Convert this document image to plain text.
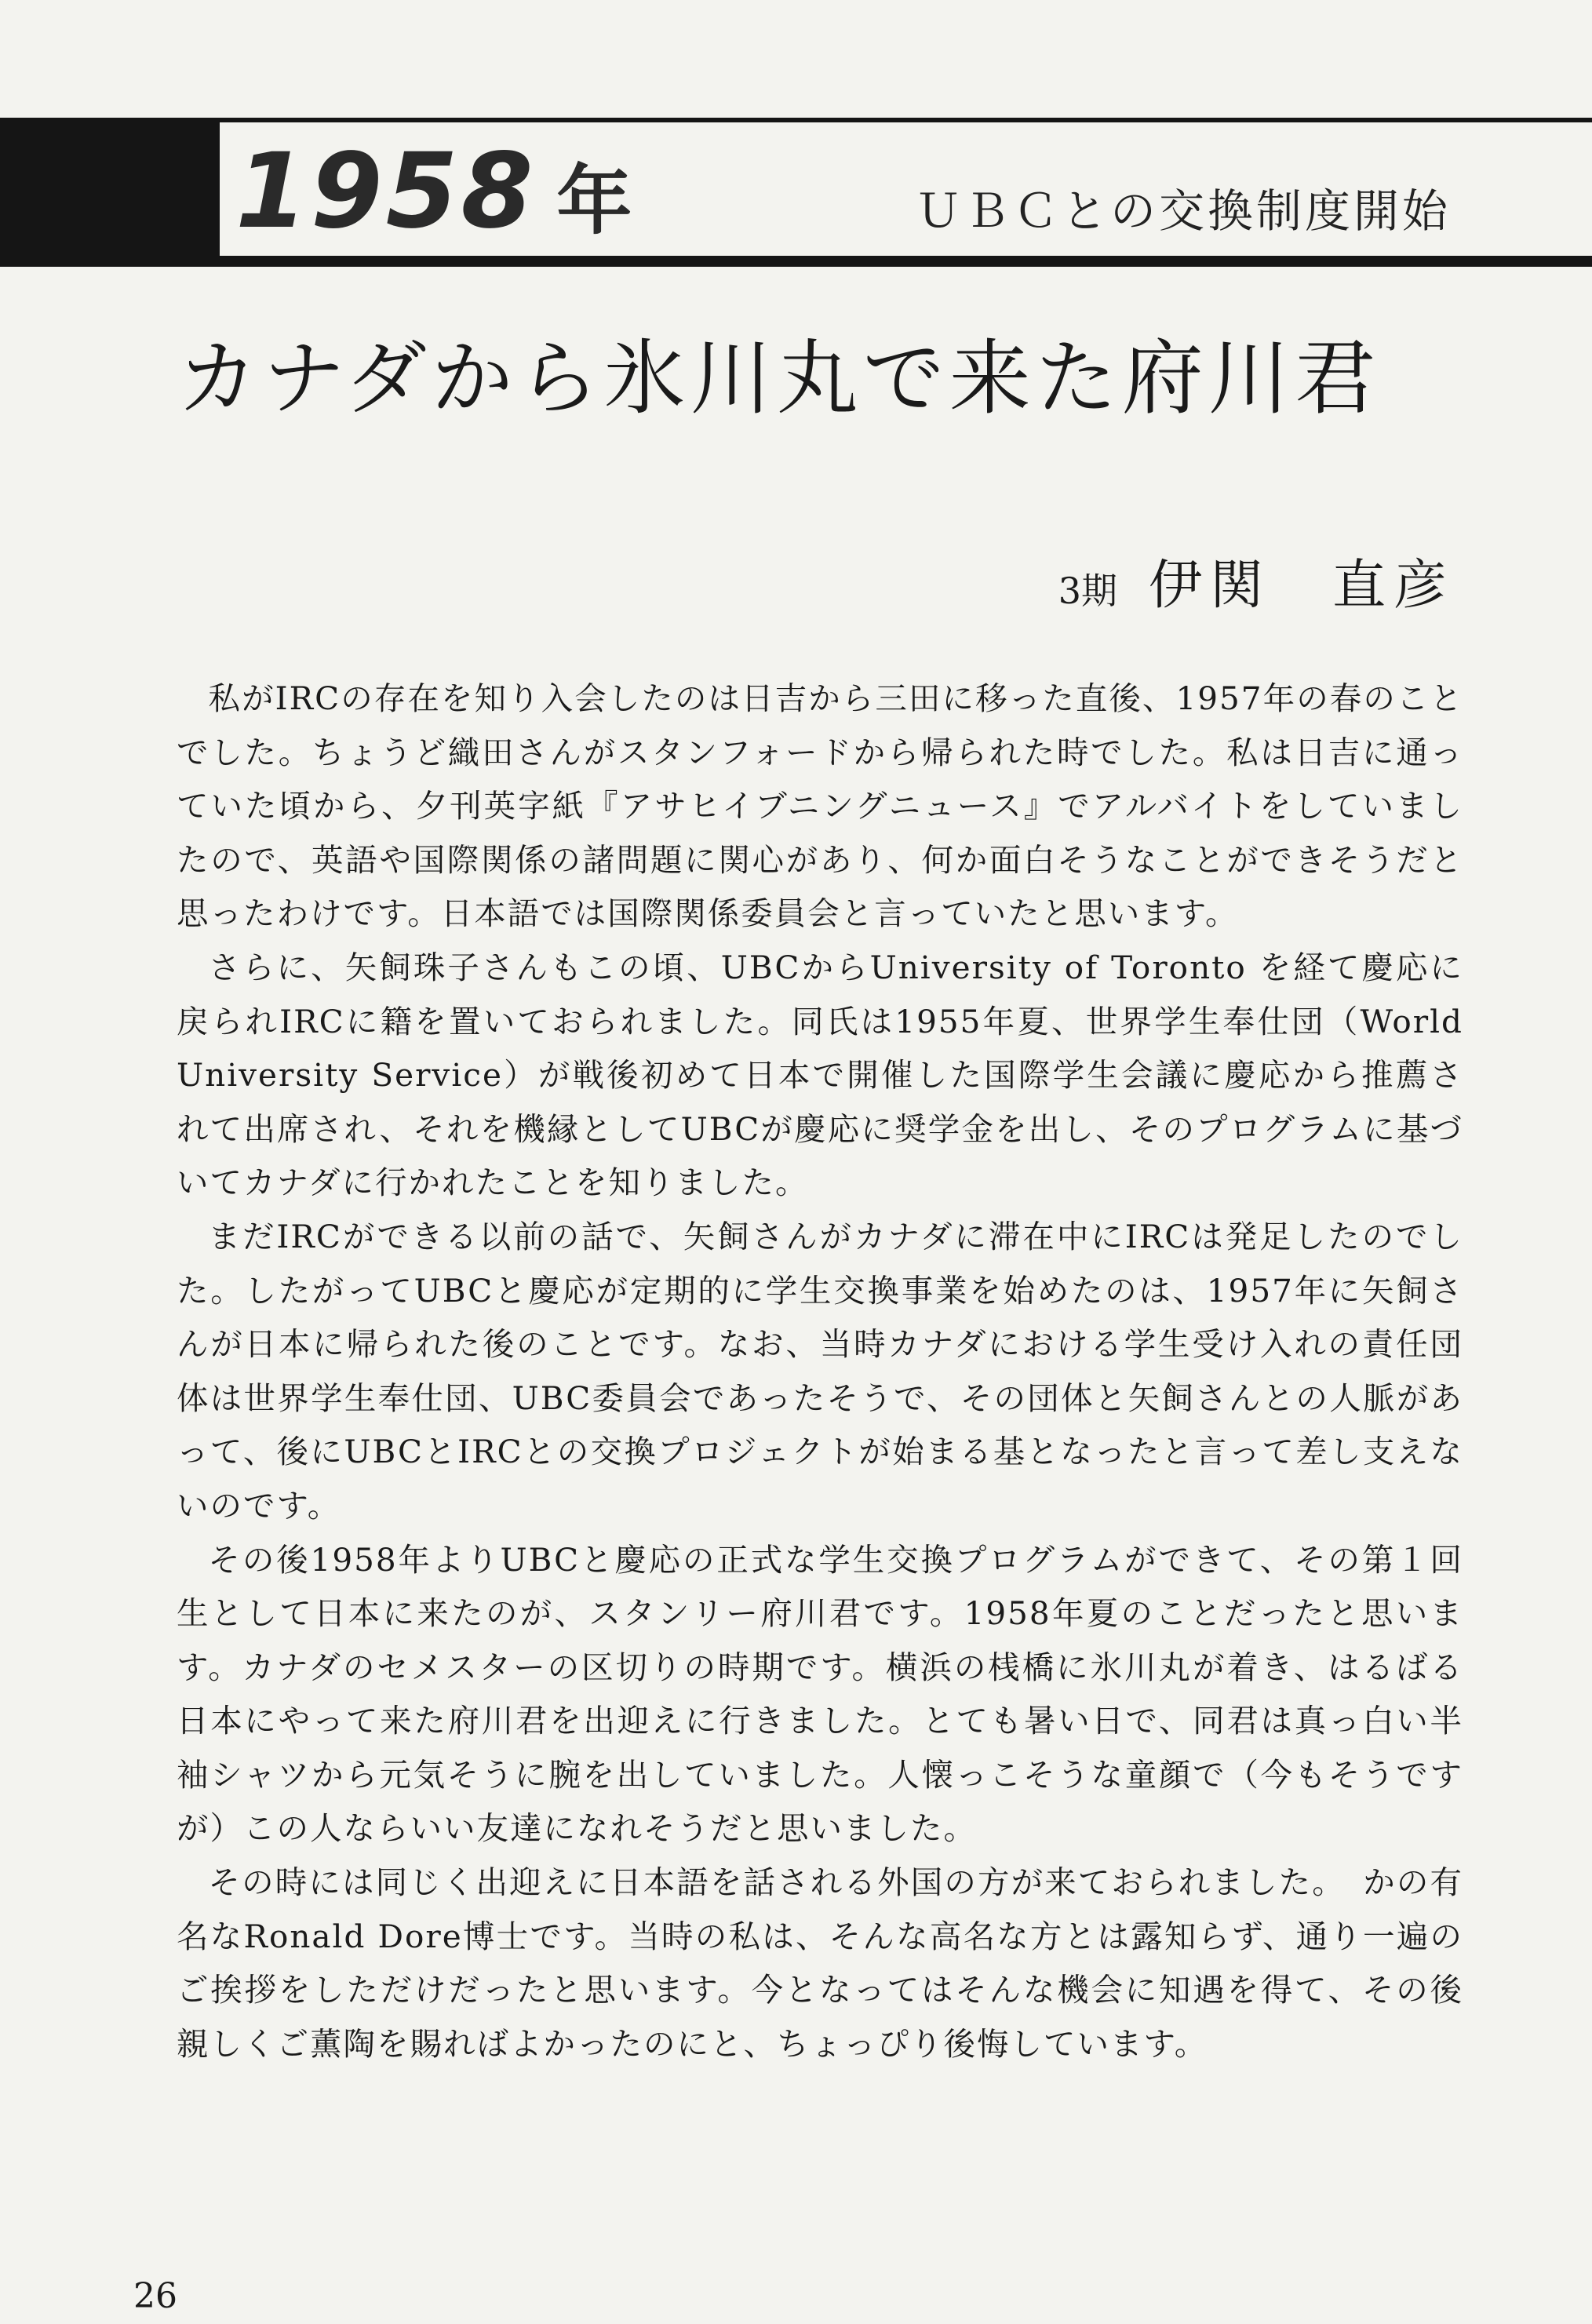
1958 年	ＵＢＣとの交換制度開始
カナダから氷川丸で来た府川君
3期 伊関　直彦

私がIRCの存在を知り入会したのは日吉から三田に移った直後、1957年の春のことでした。ちょうど織田さんがスタンフォードから帰られた時でした。私は日吉に通っていた頃から、夕刊英字紙『アサヒイブニングニュース』でアルバイトをしていましたので、英語や国際関係の諸問題に関心があり、何か面白そうなことができそうだと思ったわけです。日本語では国際関係委員会と言っていたと思います。

さらに、矢飼珠子さんもこの頃、UBCからUniversity of Toronto を経て慶応に戻られIRCに籍を置いておられました。同氏は1955年夏、世界学生奉仕団（World University Service）が戦後初めて日本で開催した国際学生会議に慶応から推薦されて出席され、それを機縁としてUBCが慶応に奨学金を出し、そのプログラムに基づいてカナダに行かれたことを知りました。

まだIRCができる以前の話で、矢飼さんがカナダに滞在中にIRCは発足したのでした。したがってUBCと慶応が定期的に学生交換事業を始めたのは、1957年に矢飼さんが日本に帰られた後のことです。なお、当時カナダにおける学生受け入れの責任団体は世界学生奉仕団、UBC委員会であったそうで、その団体と矢飼さんとの人脈があって、後にUBCとIRCとの交換プロジェクトが始まる基となったと言って差し支えないのです。

その後1958年よりUBCと慶応の正式な学生交換プログラムができて、その第１回生として日本に来たのが、スタンリー府川君です。1958年夏のことだったと思います。カナダのセメスターの区切りの時期です。横浜の桟橋に氷川丸が着き、はるばる日本にやって来た府川君を出迎えに行きました。とても暑い日で、同君は真っ白い半袖シャツから元気そうに腕を出していました。人懐っこそうな童顔で（今もそうですが）この人ならいい友達になれそうだと思いました。

その時には同じく出迎えに日本語を話される外国の方が来ておられました。　かの有名なRonald Dore博士です。当時の私は、そんな高名な方とは露知らず、通り一遍のご挨拶をしただけだったと思います。今となってはそんな機会に知遇を得て、その後親しくご薫陶を賜ればよかったのにと、ちょっぴり後悔しています。

26
